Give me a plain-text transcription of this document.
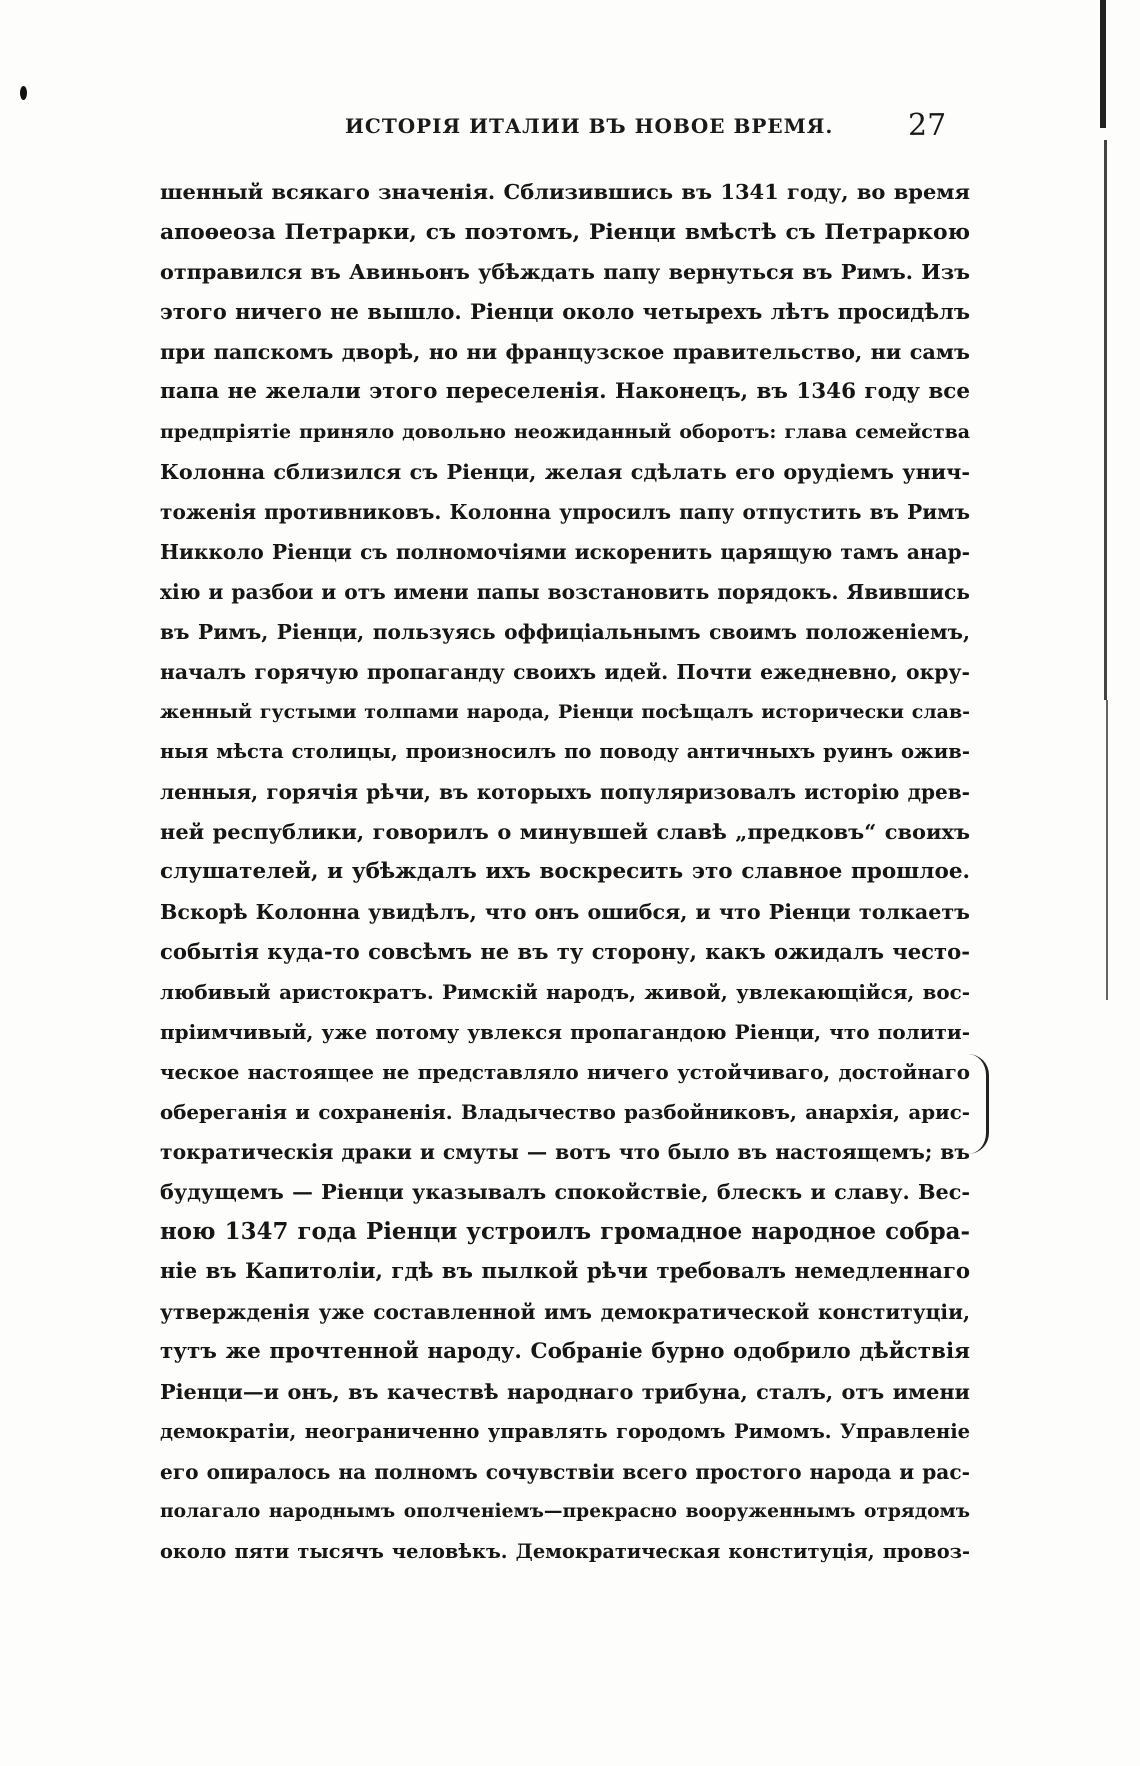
ИСТОРІЯ ИТАЛИИ ВЪ НОВОЕ ВРЕМЯ. 27
шенный всякаго значенія. Сблизившись въ 1341 году, во время
апоѳеоза Петрарки, съ поэтомъ, Ріенци вмѣстѣ съ Петраркою
отправился въ Авиньонъ убѣждать папу вернуться въ Римъ. Изъ
этого ничего не вышло. Ріенци около четырехъ лѣтъ просидѣлъ
при папскомъ дворѣ, но ни французское правительство, ни самъ
папа не желали этого переселенія. Наконецъ, въ 1346 году все
предпріятіе приняло довольно неожиданный оборотъ: глава семейства
Колонна сблизился съ Ріенци, желая сдѣлать его орудіемъ унич-
тоженія противниковъ. Колонна упросилъ папу отпустить въ Римъ
Никколо Ріенци съ полномочіями искоренить царящую тамъ анар-
хію и разбои и отъ имени папы возстановить порядокъ. Явившись
въ Римъ, Ріенци, пользуясь оффиціальнымъ своимъ положеніемъ,
началъ горячую пропаганду своихъ идей. Почти ежедневно, окру-
женный густыми толпами народа, Ріенци посѣщалъ исторически слав-
ныя мѣста столицы, произносилъ по поводу античныхъ руинъ ожив-
ленныя, горячія рѣчи, въ которыхъ популяризовалъ исторію древ-
ней республики, говорилъ о минувшей славѣ „предковъ“ своихъ
слушателей, и убѣждалъ ихъ воскресить это славное прошлое.
Вскорѣ Колонна увидѣлъ, что онъ ошибся, и что Ріенци толкаетъ
событія куда-то совсѣмъ не въ ту сторону, какъ ожидалъ често-
любивый аристократъ. Римскій народъ, живой, увлекающійся, вос-
пріимчивый, уже потому увлекся пропагандою Ріенци, что полити-
ческое настоящее не представляло ничего устойчиваго, достойнаго
обереганія и сохраненія. Владычество разбойниковъ, анархія, арис-
тократическія драки и смуты — вотъ что было въ настоящемъ; въ
будущемъ — Ріенци указывалъ спокойствіе, блескъ и славу. Вес-
ною 1347 года Ріенци устроилъ громадное народное собра-
ніе въ Капитоліи, гдѣ въ пылкой рѣчи требовалъ немедленнаго
утвержденія уже составленной имъ демократической конституціи,
тутъ же прочтенной народу. Собраніе бурно одобрило дѣйствія
Ріенци—и онъ, въ качествѣ народнаго трибуна, сталъ, отъ имени
демократіи, неограниченно управлять городомъ Римомъ. Управленіе
его опиралось на полномъ сочувствіи всего простого народа и рас-
полагало народнымъ ополченіемъ—прекрасно вооруженнымъ отрядомъ
около пяти тысячъ человѣкъ. Демократическая конституція, провоз-
